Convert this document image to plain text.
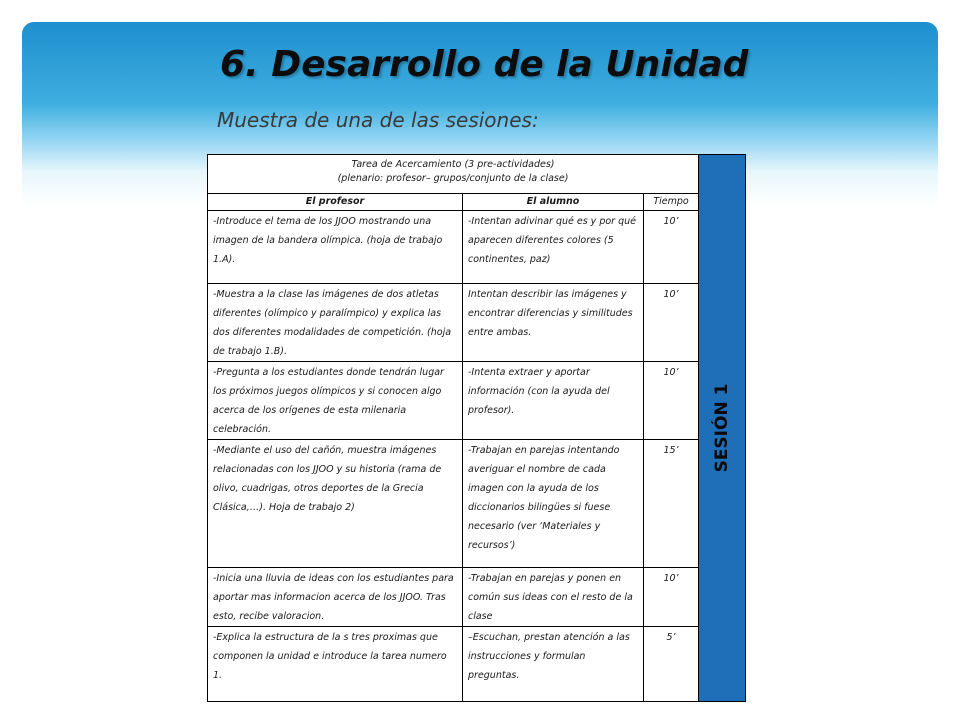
6. Desarrollo de la Unidad

Muestra de una de las sesiones:

Tarea de Acercamiento (3 pre-actividades)
(plenario: profesor– grupos/conjunto de la clase)			SESIÓN 1

El profesor	El alumno	Tiempo	

-Introduce el tema de los JJOO mostrando una imagen de la bandera olímpica. (hoja de trabajo 1.A).	-Intentan adivinar qué es y por qué aparecen diferentes colores (5 continentes, paz)	10’	

-Muestra a la clase las imágenes de dos atletas diferentes (olímpico y paralímpico) y explica las dos diferentes modalidades de competición. (hoja de trabajo 1.B).	Intentan describir las imágenes y encontrar diferencias y similitudes entre ambas.	10’	

-Pregunta a los estudiantes donde tendrán lugar los próximos juegos olímpicos y si conocen algo acerca de los orígenes de esta milenaria celebración.	-Intenta extraer y aportar información (con la ayuda del profesor).	10’	

-Mediante el uso del cañón, muestra imágenes relacionadas con los JJOO y su historia (rama de olivo, cuadrigas, otros deportes de la Grecia Clásica,…). Hoja de trabajo 2)	-Trabajan en parejas intentando averiguar el nombre de cada imagen con la ayuda de los diccionarios bilingües si fuese necesario (ver ‘Materiales y recursos’)	15’	

-Inicia una lluvia de ideas con los estudiantes para aportar mas informacion acerca de los JJOO. Tras esto, recibe valoracion.	-Trabajan en parejas y ponen en común sus ideas con el resto de la clase	10’	

-Explica la estructura de la s tres proximas que componen la unidad e introduce la tarea numero 1.	–Escuchan, prestan atención a las instrucciones y formulan preguntas.	5’	
